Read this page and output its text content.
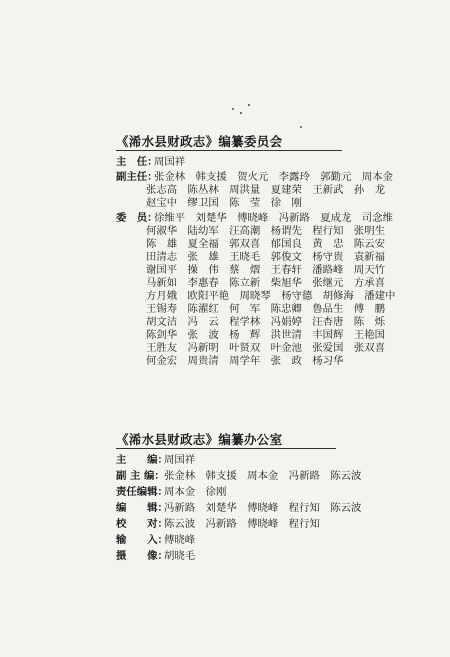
《浠水县财政志》编纂委员会
主　任：周国祥
副主任：张金林　韩支援　贺火元　李露玲　郭勤元　周本金
张志高　陈丛林　周洪量　夏建荣　王新武　孙　龙
赵宝中　缪卫国　陈　莹　徐　刚
委　员：徐维平　刘楚华　傅晓峰　冯新路　夏成龙　司念维
何淑华　陆幼军　汪高潮　杨谓先　程行知　张明生
陈　雄　夏全福　郭双喜　郁国良　黄　忠　陈云安
田清志　张　雄　王晓毛　郭俊文　杨守贵　袁新福
谢国平　操　伟　蔡　熠　王春轩　潘路峰　周天竹
马新如　李惠春　陈立新　柴旭华　张继元　方承喜
方月娥　欧阳平艳　周晓琴　杨守德　胡修海　潘建中
王锡寿　陈濯红　何　军　陈忠卿　鲁品生　傅　鹏
胡文洁　冯　云　程学林　冯娟婷　汪杏唐　陈　烁
陈剑华　张　波　杨　辉　洪世清　丰国辉　王艳国
王胜友　冯新明　叶贤双　叶金池　张爱国　张双喜
何金宏　周贵清　周学年　张　政　杨习华
《浠水县财政志》编纂办公室
主　　编：周国祥
副 主 编：张金林　韩支援　周本金　冯新路　陈云波
责任编辑：周本金　徐刚
编　　辑：冯新路　刘楚华　傅晓峰　程行知　陈云波
校　　对：陈云波　冯新路　傅晓峰　程行知
输　　入：傅晓峰
摄　　像：胡晓毛
